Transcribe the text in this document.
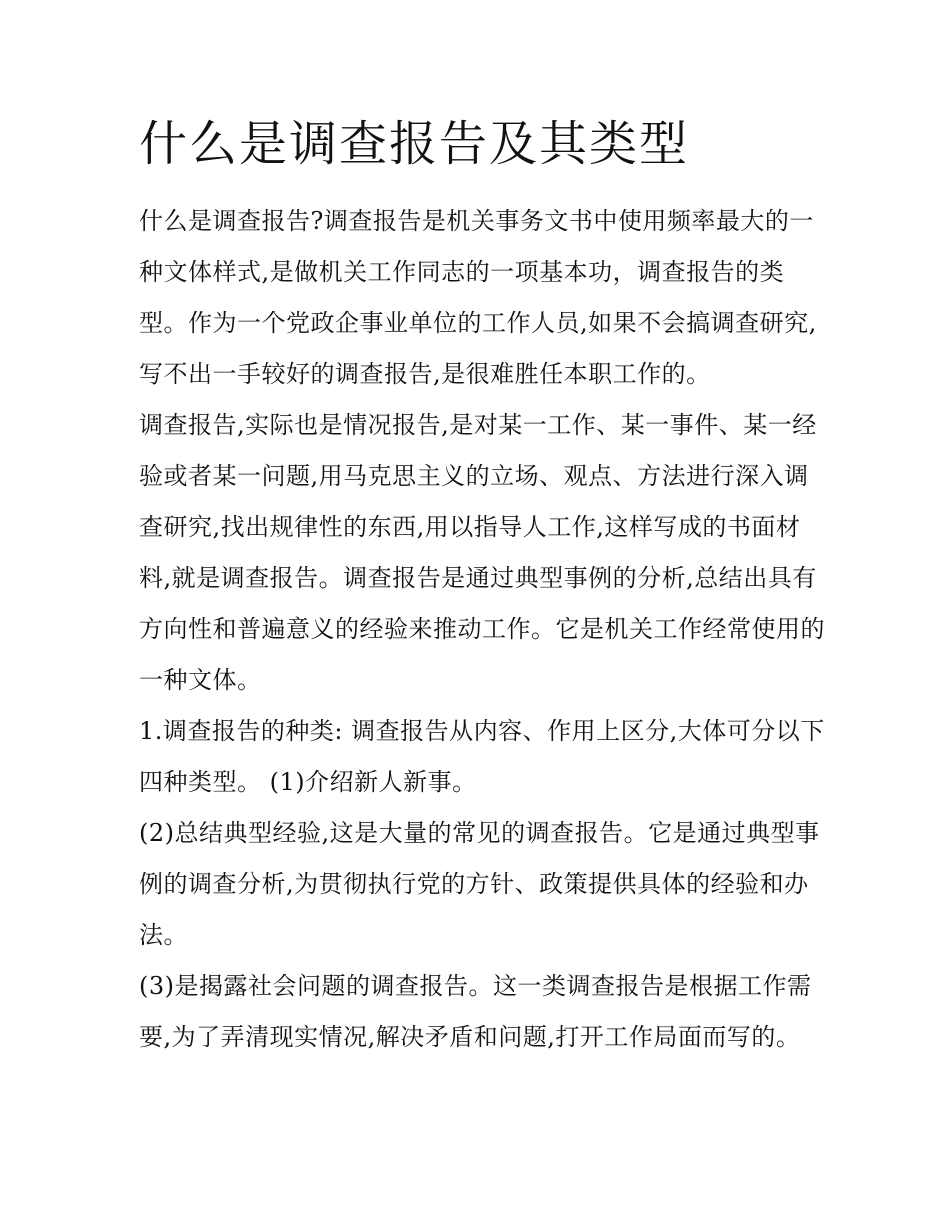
什么是调查报告及其类型

什么是调查报告?调查报告是机关事务文书中使用频率最大的一种文体样式,是做机关工作同志的一项基本功，调查报告的类型。作为一个党政企事业单位的工作人员,如果不会搞调查研究,写不出一手较好的调查报告,是很难胜任本职工作的。

调查报告,实际也是情况报告,是对某一工作、某一事件、某一经验或者某一问题,用马克思主义的立场、观点、方法进行深入调查研究,找出规律性的东西,用以指导人工作,这样写成的书面材料,就是调查报告。调查报告是通过典型事例的分析,总结出具有方向性和普遍意义的经验来推动工作。它是机关工作经常使用的一种文体。

1.调查报告的种类: 调查报告从内容、作用上区分,大体可分以下四种类型。 (1)介绍新人新事。

(2)总结典型经验,这是大量的常见的调查报告。它是通过典型事例的调查分析,为贯彻执行党的方针、政策提供具体的经验和办法。

(3)是揭露社会问题的调查报告。这一类调查报告是根据工作需要,为了弄清现实情况,解决矛盾和问题,打开工作局面而写的。
